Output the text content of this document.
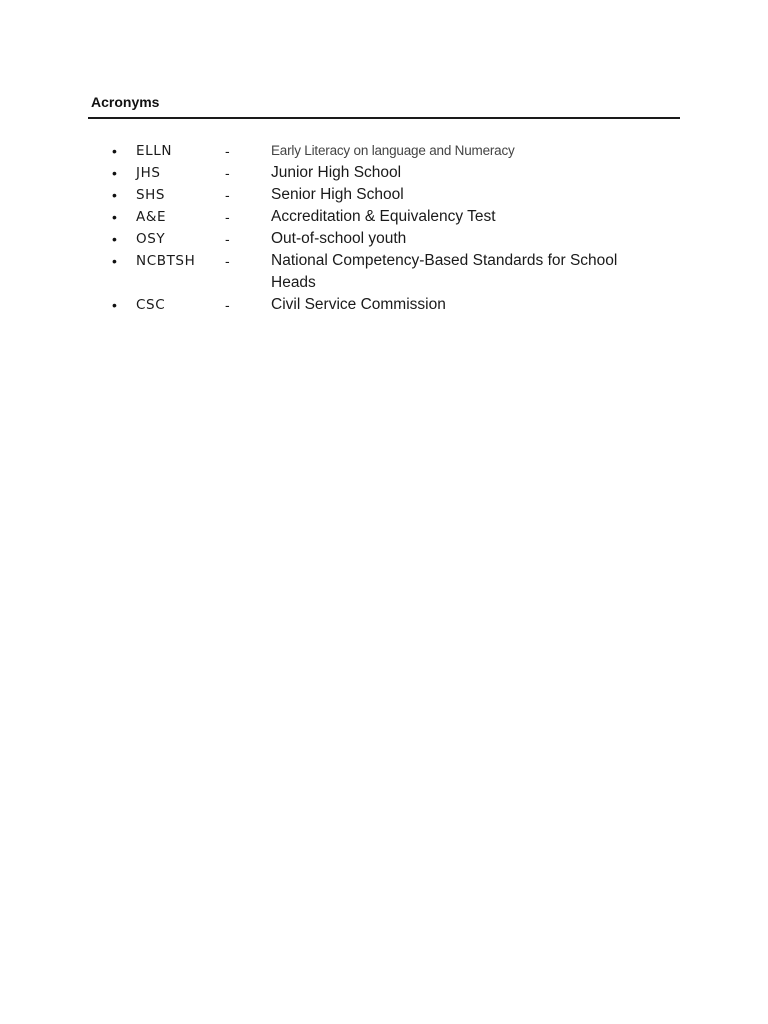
Acronyms
• ELLN	-	Early Literacy on language and Numeracy
• JHS	-	Junior High School
• SHS	-	Senior High School
• A&E	-	Accreditation & Equivalency Test
• OSY	-	Out-of-school youth
• NCBTSH -	National Competency-Based Standards for School Heads
• CSC	-	Civil Service Commission
